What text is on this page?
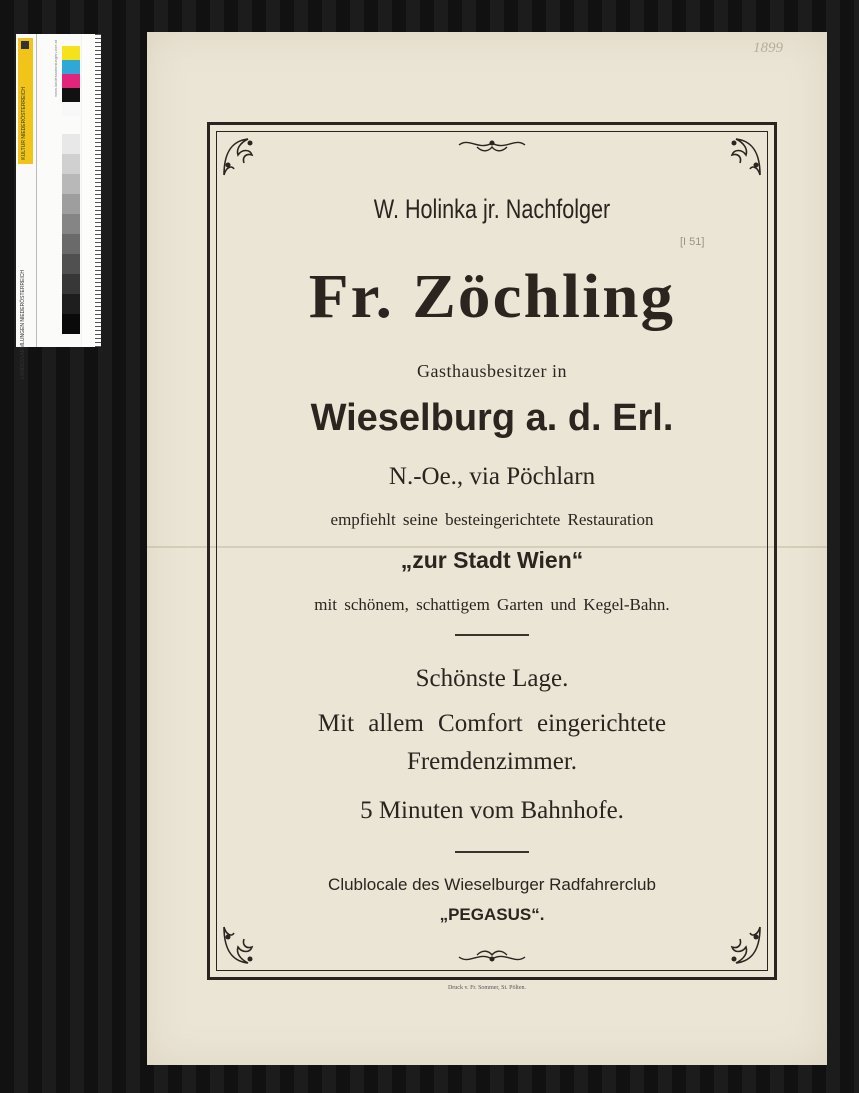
KULTUR NIEDERÖSTERREICH
LANDESSAMMLUNGEN NIEDERÖSTERREICH
www.landessammlungen-noe.at	1899
[I 51]

W. Holinka jr. Nachfolger

Fr. Zöchling

Gasthausbesitzer in

Wieselburg a. d. Erl.

N.-Oe., via Pöchlarn

empfiehlt seine besteingerichtete Restauration

„zur Stadt Wien“

mit schönem, schattigem Garten und Kegel-Bahn.

Schönste Lage.

Mit allem Comfort eingerichtete

Fremdenzimmer.

5 Minuten vom Bahnhofe.

Clublocale des Wieselburger Radfahrerclub

„PEGASUS“.

Druck v. Fr. Sommer, St. Pölten.
